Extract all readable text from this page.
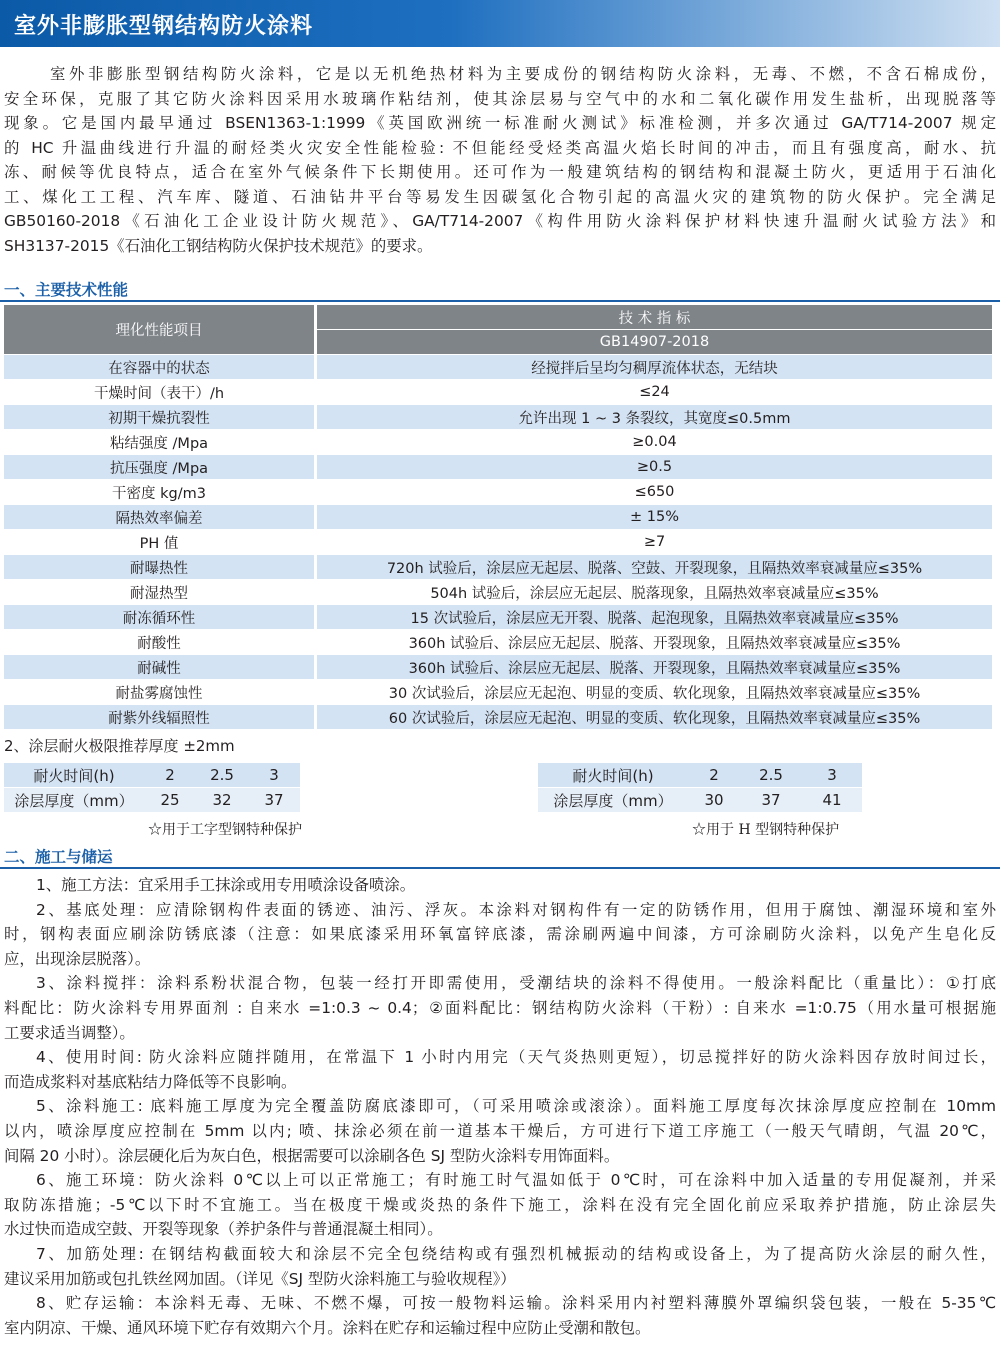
室外非膨胀型钢结构防火涂料
室外非膨胀型钢结构防火涂料，它是以无机绝热材料为主要成份的钢结构防火涂料，无毒、不燃，不含石棉成份，
安全环保，克服了其它防火涂料因采用水玻璃作粘结剂，使其涂层易与空气中的水和二氧化碳作用发生盐析，出现脱落等
现象。它是国内最早通过 BSEN1363-1:1999《英国欧洲统一标准耐火测试》标准检测，并多次通过 GA/T714-2007 规定
的 HC 升温曲线进行升温的耐烃类火灾安全性能检验: 不但能经受烃类高温火焰长时间的冲击，而且有强度高，耐水、抗
冻、耐候等优良特点，适合在室外气候条件下长期使用。还可作为一般建筑结构的钢结构和混凝土防火，更适用于石油化
工、煤化工工程、汽车库、隧道、石油钻井平台等易发生因碳氢化合物引起的高温火灾的建筑物的防火保护。完全满足
GB50160-2018《石油化工企业设计防火规范》、GA/T714-2007《构件用防火涂料保护材料快速升温耐火试验方法》和
SH3137-2015《石油化工钢结构防火保护技术规范》的要求。
一、主要技术性能
理化性能项目	技 术 指 标
	GB14907-2018
在容器中的状态	经搅拌后呈均匀稠厚流体状态，无结块
干燥时间（表干）/h	≤24
初期干燥抗裂性	允许出现 1 ~ 3 条裂纹，其宽度≤0.5mm
粘结强度 /Mpa	≥0.04
抗压强度 /Mpa	≥0.5
干密度 kg/m3	≤650
隔热效率偏差	± 15%
PH 值	≥7
耐曝热性	720h 试验后，涂层应无起层、脱落、空鼓、开裂现象，且隔热效率衰减量应≤35%
耐湿热型	504h 试验后，涂层应无起层、脱落现象，且隔热效率衰减量应≤35%
耐冻循环性	15 次试验后，涂层应无开裂、脱落、起泡现象，且隔热效率衰减量应≤35%
耐酸性	360h 试验后、涂层应无起层、脱落、开裂现象，且隔热效率衰减量应≤35%
耐碱性	360h 试验后、涂层应无起层、脱落、开裂现象，且隔热效率衰减量应≤35%
耐盐雾腐蚀性	30 次试验后，涂层应无起泡、明显的变质、软化现象，且隔热效率衰减量应≤35%
耐紫外线辐照性	60 次试验后，涂层应无起泡、明显的变质、软化现象，且隔热效率衰减量应≤35%
2、涂层耐火极限推荐厚度 ±2mm
耐火时间(h)	2	2.5	3
涂层厚度（mm）	25	32	37
☆用于工字型钢特种保护
耐火时间(h)	2	2.5	3
涂层厚度（mm）	30	37	41
☆用于 H 型钢特种保护
二、施工与储运
1、施工方法：宜采用手工抹涂或用专用喷涂设备喷涂。
2、基底处理：应清除钢构件表面的锈迹、油污、浮灰。本涂料对钢构件有一定的防锈作用，但用于腐蚀、潮湿环境和室外
时，钢构表面应刷涂防锈底漆（注意：如果底漆采用环氧富锌底漆，需涂刷两遍中间漆，方可涂刷防火涂料，以免产生皂化反
应，出现涂层脱落）。
3、涂料搅拌：涂料系粉状混合物，包装一经打开即需使用，受潮结块的涂料不得使用。一般涂料配比（重量比）：①打底
料配比：防火涂料专用界面剂 : 自来水 =1:0.3 ~ 0.4；②面料配比：钢结构防火涂料（干粉）: 自来水 =1:0.75（用水量可根据施
工要求适当调整）。
4、使用时间: 防火涂料应随拌随用，在常温下 1 小时内用完（天气炎热则更短），切忌搅拌好的防火涂料因存放时间过长，
而造成浆料对基底粘结力降低等不良影响。
5、涂料施工: 底料施工厚度为完全覆盖防腐底漆即可，（可采用喷涂或滚涂）。面料施工厚度每次抹涂厚度应控制在 10mm
以内，喷涂厚度应控制在 5mm 以内; 喷、抹涂必须在前一道基本干燥后，方可进行下道工序施工（一般天气晴朗，气温 20℃，
间隔 20 小时）。涂层硬化后为灰白色，根据需要可以涂刷各色 SJ 型防火涂料专用饰面料。
6、施工环境：防火涂料 0℃以上可以正常施工；有时施工时气温如低于 0℃时，可在涂料中加入适量的专用促凝剂，并采
取防冻措施；-5℃以下时不宜施工。当在极度干燥或炎热的条件下施工，涂料在没有完全固化前应采取养护措施，防止涂层失
水过快而造成空鼓、开裂等现象（养护条件与普通混凝土相同）。
7、加筋处理: 在钢结构截面较大和涂层不完全包绕结构或有强烈机械振动的结构或设备上，为了提高防火涂层的耐久性，
建议采用加筋或包扎铁丝网加固。（详见《SJ 型防火涂料施工与验收规程》）
8、贮存运输：本涂料无毒、无味、不燃不爆，可按一般物料运输。涂料采用内衬塑料薄膜外罩编织袋包装，一般在 5-35℃
室内阴凉、干燥、通风环境下贮存有效期六个月。涂料在贮存和运输过程中应防止受潮和散包。
